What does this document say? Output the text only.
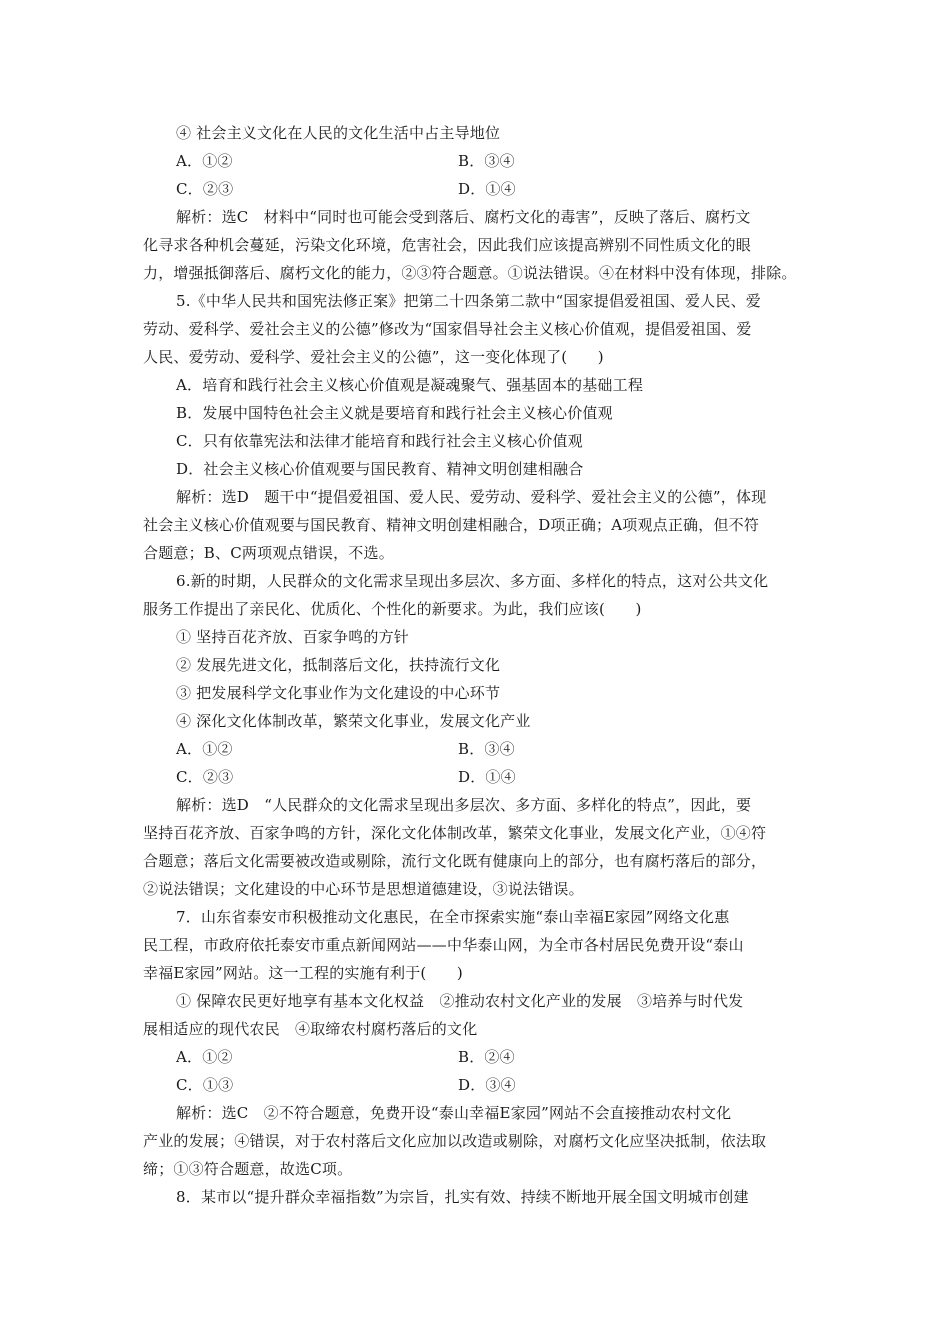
④ 社会主义文化在人民的文化生活中占主导地位
A．①②	B．③④
C．②③	D．①④
解析：选C　材料中“同时也可能会受到落后、腐朽文化的毒害”，反映了落后、腐朽文
化寻求各种机会蔓延，污染文化环境，危害社会，因此我们应该提高辨别不同性质文化的眼
力，增强抵御落后、腐朽文化的能力，②③符合题意。①说法错误。④在材料中没有体现，排除。
5.《中华人民共和国宪法修正案》把第二十四条第二款中“国家提倡爱祖国、爱人民、爱
劳动、爱科学、爱社会主义的公德”修改为“国家倡导社会主义核心价值观，提倡爱祖国、爱
人民、爱劳动、爱科学、爱社会主义的公德”，这一变化体现了(　　)
A．培育和践行社会主义核心价值观是凝魂聚气、强基固本的基础工程
B．发展中国特色社会主义就是要培育和践行社会主义核心价值观
C．只有依靠宪法和法律才能培育和践行社会主义核心价值观
D．社会主义核心价值观要与国民教育、精神文明创建相融合
解析：选D　题干中“提倡爱祖国、爱人民、爱劳动、爱科学、爱社会主义的公德”，体现
社会主义核心价值观要与国民教育、精神文明创建相融合，D项正确；A项观点正确，但不符
合题意；B、C两项观点错误，不选。
6.新的时期，人民群众的文化需求呈现出多层次、多方面、多样化的特点，这对公共文化
服务工作提出了亲民化、优质化、个性化的新要求。为此，我们应该(　　)
① 坚持百花齐放、百家争鸣的方针
② 发展先进文化，抵制落后文化，扶持流行文化
③ 把发展科学文化事业作为文化建设的中心环节
④ 深化文化体制改革，繁荣文化事业，发展文化产业
A．①②	B．③④
C．②③	D．①④
解析：选D　“人民群众的文化需求呈现出多层次、多方面、多样化的特点”，因此，要
坚持百花齐放、百家争鸣的方针，深化文化体制改革，繁荣文化事业，发展文化产业，①④符
合题意；落后文化需要被改造或剔除，流行文化既有健康向上的部分，也有腐朽落后的部分，
②说法错误；文化建设的中心环节是思想道德建设，③说法错误。
7．山东省泰安市积极推动文化惠民，在全市探索实施“泰山幸福E家园”网络文化惠
民工程，市政府依托泰安市重点新闻网站——中华泰山网，为全市各村居民免费开设“泰山
幸福E家园”网站。这一工程的实施有利于(　　)
① 保障农民更好地享有基本文化权益　②推动农村文化产业的发展　③培养与时代发
展相适应的现代农民　④取缔农村腐朽落后的文化
A．①②	B．②④
C．①③	D．③④
解析：选C　②不符合题意，免费开设“泰山幸福E家园”网站不会直接推动农村文化
产业的发展；④错误，对于农村落后文化应加以改造或剔除，对腐朽文化应坚决抵制，依法取
缔；①③符合题意，故选C项。
8．某市以“提升群众幸福指数”为宗旨，扎实有效、持续不断地开展全国文明城市创建
